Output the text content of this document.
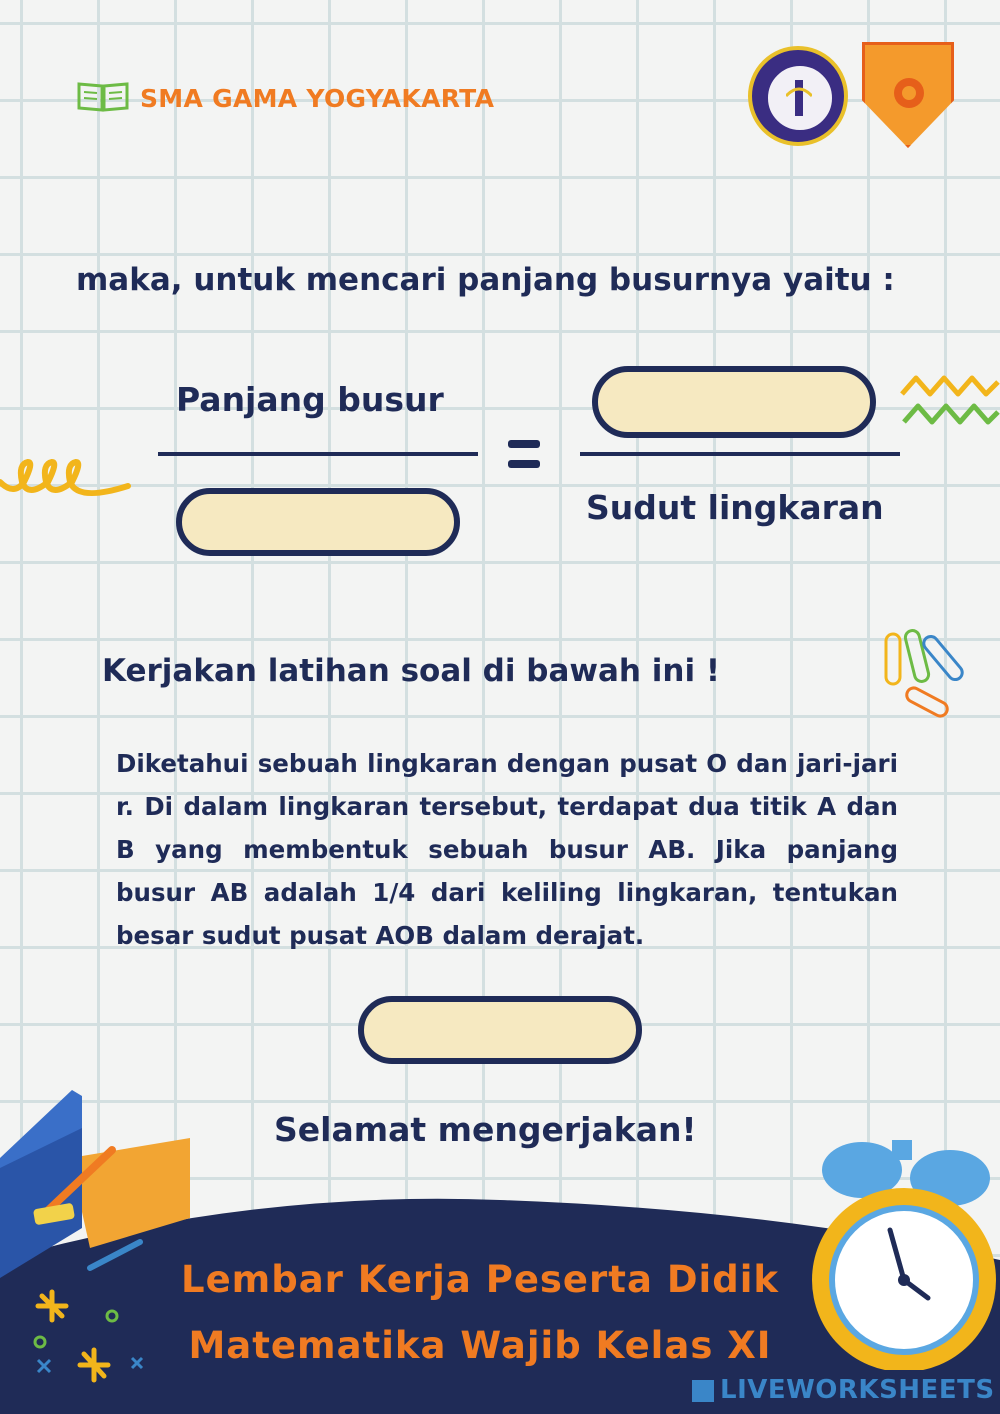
SMA GAMA YOGYAKARTA
maka, untuk mencari panjang busurnya yaitu :
Panjang busur
Sudut lingkaran
Kerjakan latihan soal di bawah ini !
Diketahui sebuah lingkaran dengan pusat O dan jari-jari r. Di dalam lingkaran tersebut, terdapat dua titik A dan B yang membentuk sebuah busur AB. Jika panjang busur AB adalah 1/4 dari keliling lingkaran, tentukan besar sudut pusat AOB dalam derajat.
Selamat mengerjakan!
Lembar Kerja Peserta Didik
Matematika Wajib Kelas XI
LIVEWORKSHEETS
